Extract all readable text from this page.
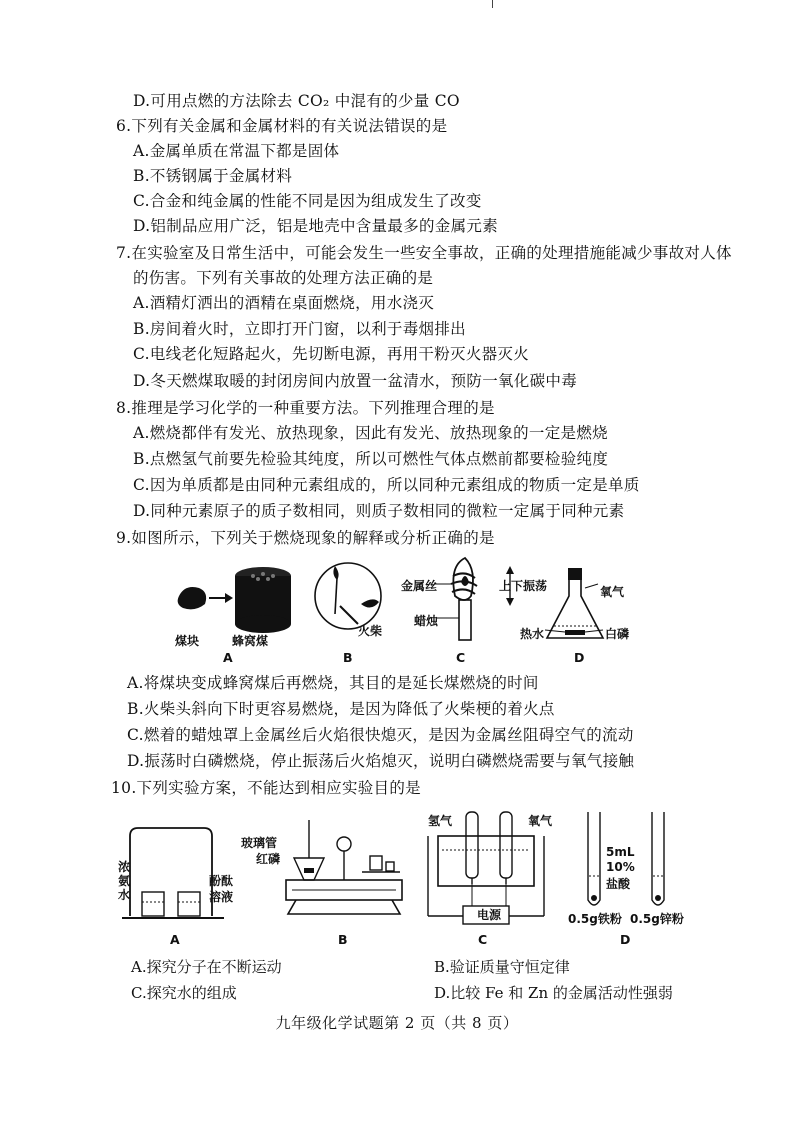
D.可用点燃的方法除去 CO₂ 中混有的少量 CO
6.下列有关金属和金属材料的有关说法错误的是
A.金属单质在常温下都是固体
B.不锈钢属于金属材料
C.合金和纯金属的性能不同是因为组成发生了改变
D.铝制品应用广泛，铝是地壳中含量最多的金属元素
7.在实验室及日常生活中，可能会发生一些安全事故，正确的处理措施能减少事故对人体
的伤害。下列有关事故的处理方法正确的是
A.酒精灯洒出的酒精在桌面燃烧，用水浇灭
B.房间着火时，立即打开门窗，以利于毒烟排出
C.电线老化短路起火，先切断电源，再用干粉灭火器灭火
D.冬天燃煤取暖的封闭房间内放置一盆清水，预防一氧化碳中毒
8.推理是学习化学的一种重要方法。下列推理合理的是
A.燃烧都伴有发光、放热现象，因此有发光、放热现象的一定是燃烧
B.点燃氢气前要先检验其纯度，所以可燃性气体点燃前都要检验纯度
C.因为单质都是由同种元素组成的，所以同种元素组成的物质一定是单质
D.同种元素原子的质子数相同，则质子数相同的微粒一定属于同种元素
9.如图所示，下列关于燃烧现象的解释或分析正确的是
煤块	蜂窝煤
火柴
金属丝
蜡烛
上下振荡	氧气
热水	白磷
A	B	C	D
A.将煤块变成蜂窝煤后再燃烧，其目的是延长煤燃烧的时间
B.火柴头斜向下时更容易燃烧，是因为降低了火柴梗的着火点
C.燃着的蜡烛罩上金属丝后火焰很快熄灭，是因为金属丝阻碍空气的流动
D.振荡时白磷燃烧，停止振荡后火焰熄灭，说明白磷燃烧需要与氧气接触
10.下列实验方案，不能达到相应实验目的是
浓
氨
水
酚酞
溶液
玻璃管
红磷
氢气	氧气
电源
5mL
10%
盐酸
0.5g铁粉 0.5g锌粉
A	B	C	D
A.探究分子在不断运动	B.验证质量守恒定律
C.探究水的组成	D.比较 Fe 和 Zn 的金属活动性强弱
九年级化学试题第 2 页（共 8 页）
